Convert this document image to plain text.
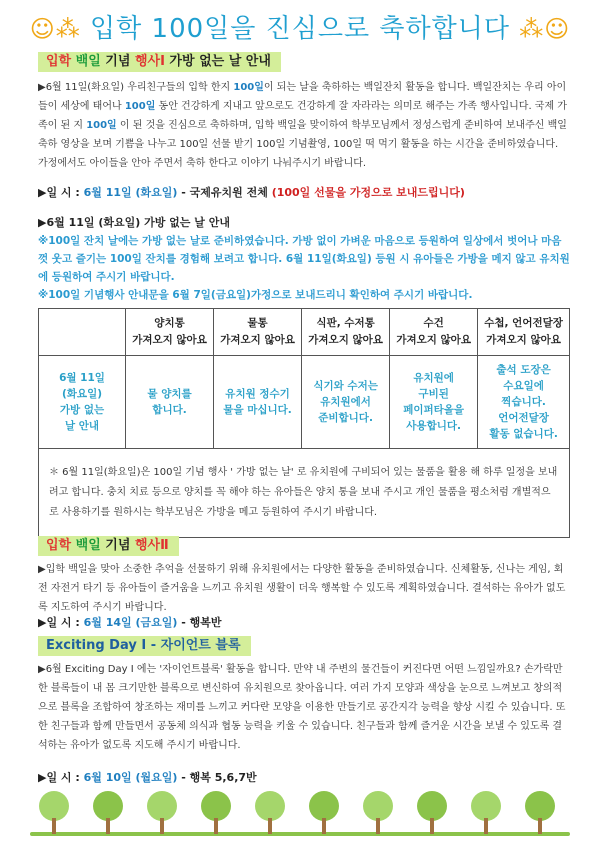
☺⁂ 입학 100일을 진심으로 축하합니다 ⁂☺
입학 백일 기념 행사Ⅰ 가방 없는 날 안내
▶6월 11일(화요일) 우리친구들의 입학 한지 100일이 되는 날을 축하하는 백일잔치 활동을 합니다. 백일잔치는 우리 아이들이 세상에 태어나 100일 동안 건강하게 지내고 앞으로도 건강하게 잘 자라라는 의미로 해주는 가족 행사입니다. 국제 가족이 된 지 100일 이 된 것을 진심으로 축하하며, 입학 백일을 맞이하여 학부모님께서 정성스럽게 준비하여 보내주신 백일 축하 영상을 보며 기쁨을 나누고 100일 선물 받기 100일 기념촬영, 100일 떡 먹기 활동을 하는 시간을 준비하였습니다. 가정에서도 아이들을 안아 주면서 축하 한다고 이야기 나눠주시기 바랍니다.
▶일 시 : 6월 11일 (화요일) - 국제유치원 전체 (100일 선물을 가정으로 보내드립니다)
▶6월 11일 (화요일) 가방 없는 날 안내
※100일 잔치 날에는 가방 없는 날로 준비하였습니다. 가방 없이 가벼운 마음으로 등원하여 일상에서 벗어나 마음껏 웃고 즐기는 100일 잔치를 경험해 보려고 합니다. 6월 11일(화요일) 등원 시 유아들은 가방을 메지 않고 유치원에 등원하여 주시기 바랍니다.
※100일 기념행사 안내문을 6월 7일(금요일)가정으로 보내드리니 확인하여 주시기 바랍니다.
	양치통
가져오지 않아요	물통
가져오지 않아요	식판, 수저통
가져오지 않아요	수건
가져오지 않아요	수첩, 언어전달장
가져오지 않아요
6월 11일
(화요일)
가방 없는
날 안내	물 양치를
합니다.	유치원 정수기
물을 마십니다.	식기와 수저는
유치원에서
준비합니다.	유치원에
구비된
페이퍼타올을
사용합니다.	출석 도장은
수요일에
찍습니다.
언어전달장
활동 없습니다.
＊ 6월 11일(화요일)은 100일 기념 행사 ' 가방 없는 날' 로 유치원에 구비되어 있는 물품을 활용 해 하루 일정을 보내려고 합니다. 충치 치료 등으로 양치를 꼭 해야 하는 유아들은 양치 통을 보내 주시고 개인 물품을 평소처럼 개별적으로 사용하기를 원하시는 학부모님은 가방을 메고 등원하여 주시기 바랍니다.					
입학 백일 기념 행사Ⅱ
▶입학 백일을 맞아 소중한 추억을 선물하기 위해 유치원에서는 다양한 활동을 준비하였습니다. 신체활동, 신나는 게임, 회전 자전거 타기 등 유아들이 즐거움을 느끼고 유치원 생활이 더욱 행복할 수 있도록 계획하였습니다. 결석하는 유아가 없도록 지도하여 주시기 바랍니다.
▶일 시 : 6월 14일 (금요일) - 행복반
Exciting Day Ⅰ - 자이언트 블록
▶6월 Exciting Day I 에는 '자이언트블록' 활동을 합니다. 만약 내 주변의 물건들이 커진다면 어떤 느낌일까요? 손가락만한 블록들이 내 몸 크기만한 블록으로 변신하여 유치원으로 찾아옵니다. 여러 가지 모양과 색상을 눈으로 느껴보고 창의적으로 블록을 조합하여 창조하는 재미를 느끼고 커다란 모양을 이용한 만들기로 공간지각 능력을 향상 시킬 수 있습니다. 또한 친구들과 함께 만들면서 공동체 의식과 협동 능력을 키울 수 있습니다. 친구들과 함께 즐거운 시간을 보낼 수 있도록 결석하는 유아가 없도록 지도해 주시기 바랍니다.
▶일 시 : 6월 10일 (월요일) - 행복 5,6,7반
